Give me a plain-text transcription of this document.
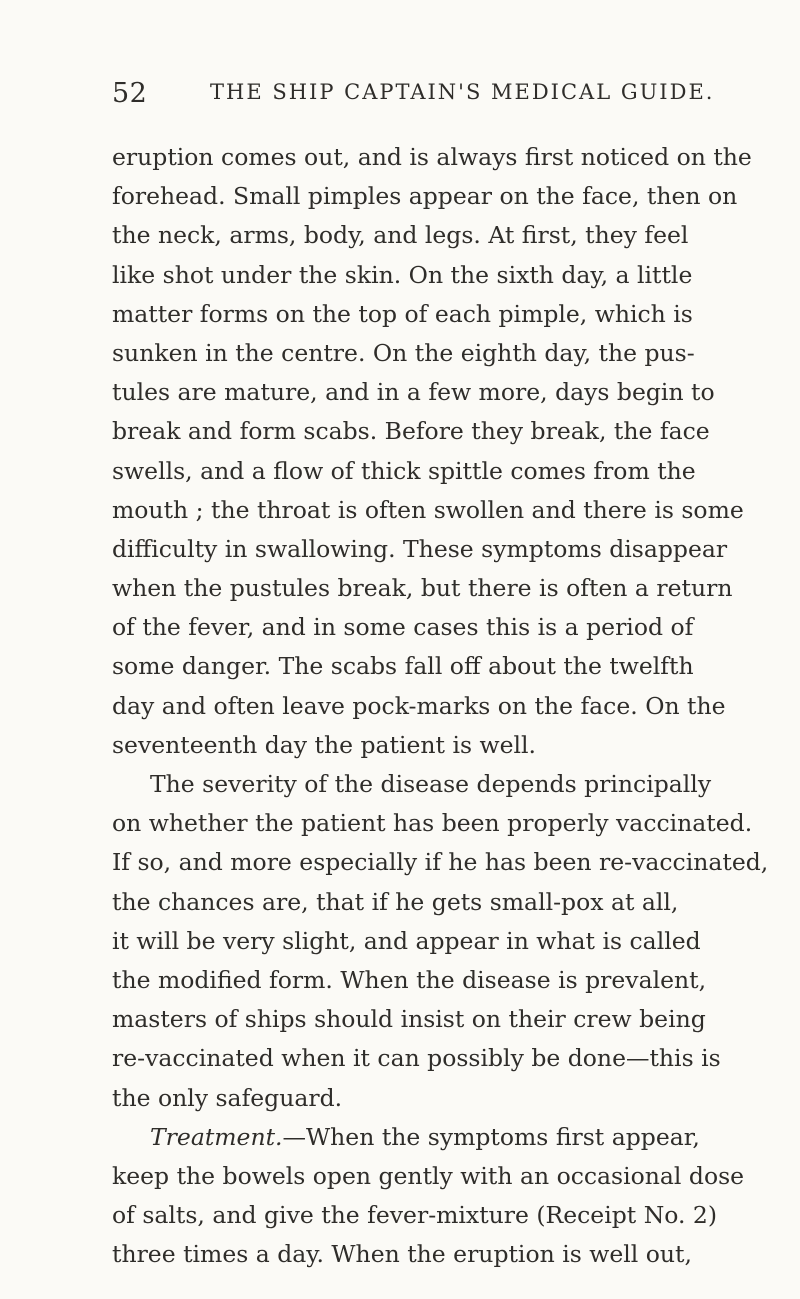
52	THE SHIP CAPTAIN'S MEDICAL GUIDE.
eruption comes out, and is always first noticed on the
forehead. Small pimples appear on the face, then on
the neck, arms, body, and legs. At first, they feel
like shot under the skin. On the sixth day, a little
matter forms on the top of each pimple, which is
sunken in the centre. On the eighth day, the pus-
tules are mature, and in a few more, days begin to
break and form scabs. Before they break, the face
swells, and a flow of thick spittle comes from the
mouth ; the throat is often swollen and there is some
difficulty in swallowing. These symptoms disappear
when the pustules break, but there is often a return
of the fever, and in some cases this is a period of
some danger. The scabs fall off about the twelfth
day and often leave pock-marks on the face. On the
seventeenth day the patient is well.
The severity of the disease depends principally
on whether the patient has been properly vaccinated.
If so, and more especially if he has been re-vaccinated,
the chances are, that if he gets small-pox at all,
it will be very slight, and appear in what is called
the modified form. When the disease is prevalent,
masters of ships should insist on their crew being
re-vaccinated when it can possibly be done—this is
the only safeguard.
Treatment.—When the symptoms first appear,
keep the bowels open gently with an occasional dose
of salts, and give the fever-mixture (Receipt No. 2)
three times a day. When the eruption is well out,
